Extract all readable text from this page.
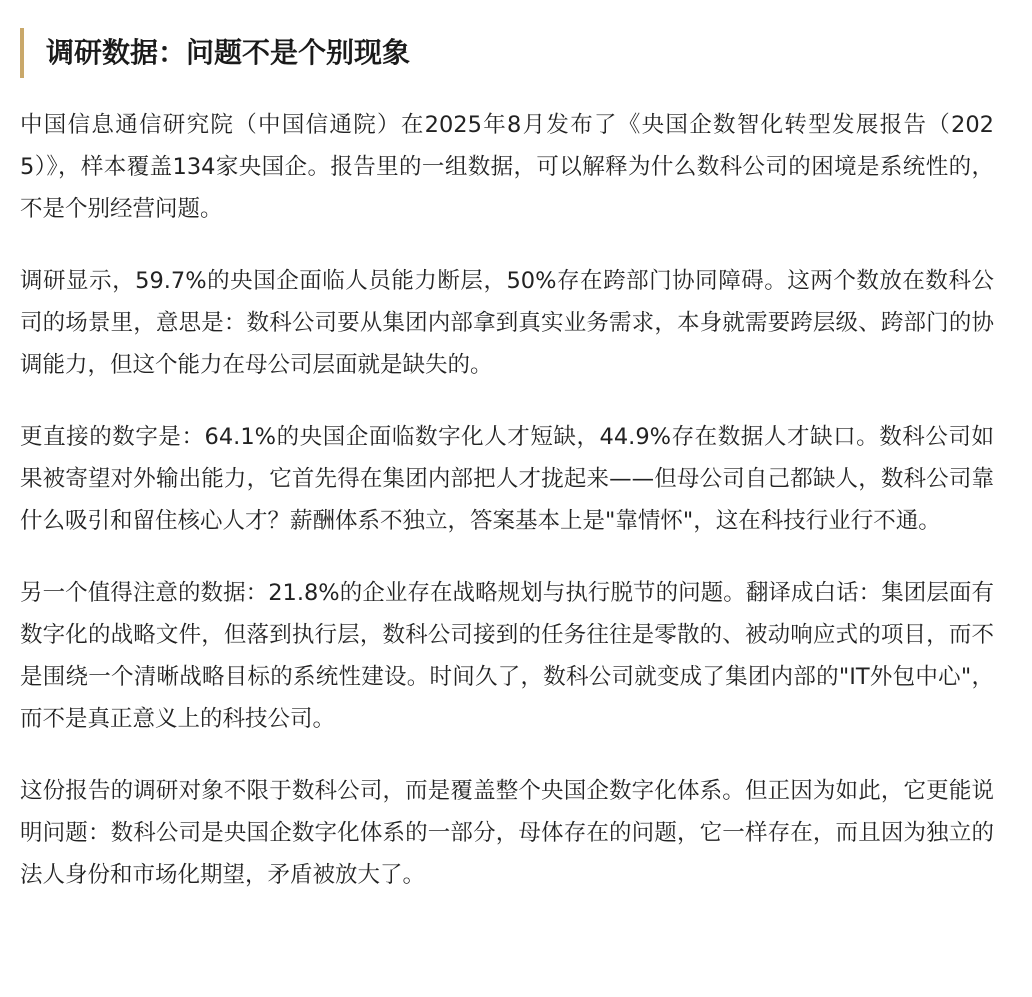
调研数据：问题不是个别现象

中国信息通信研究院（中国信通院）在2025年8月发布了《央国企数智化转型发展报告（2025）》，样本覆盖134家央国企。报告里的一组数据，可以解释为什么数科公司的困境是系统性的，不是个别经营问题。

调研显示，59.7%的央国企面临人员能力断层，50%存在跨部门协同障碍。这两个数放在数科公司的场景里，意思是：数科公司要从集团内部拿到真实业务需求，本身就需要跨层级、跨部门的协调能力，但这个能力在母公司层面就是缺失的。

更直接的数字是：64.1%的央国企面临数字化人才短缺，44.9%存在数据人才缺口。数科公司如果被寄望对外输出能力，它首先得在集团内部把人才拢起来——但母公司自己都缺人，数科公司靠什么吸引和留住核心人才？薪酬体系不独立，答案基本上是"靠情怀"，这在科技行业行不通。

另一个值得注意的数据：21.8%的企业存在战略规划与执行脱节的问题。翻译成白话：集团层面有数字化的战略文件，但落到执行层，数科公司接到的任务往往是零散的、被动响应式的项目，而不是围绕一个清晰战略目标的系统性建设。时间久了，数科公司就变成了集团内部的"IT外包中心"，而不是真正意义上的科技公司。

这份报告的调研对象不限于数科公司，而是覆盖整个央国企数字化体系。但正因为如此，它更能说明问题：数科公司是央国企数字化体系的一部分，母体存在的问题，它一样存在，而且因为独立的法人身份和市场化期望，矛盾被放大了。
